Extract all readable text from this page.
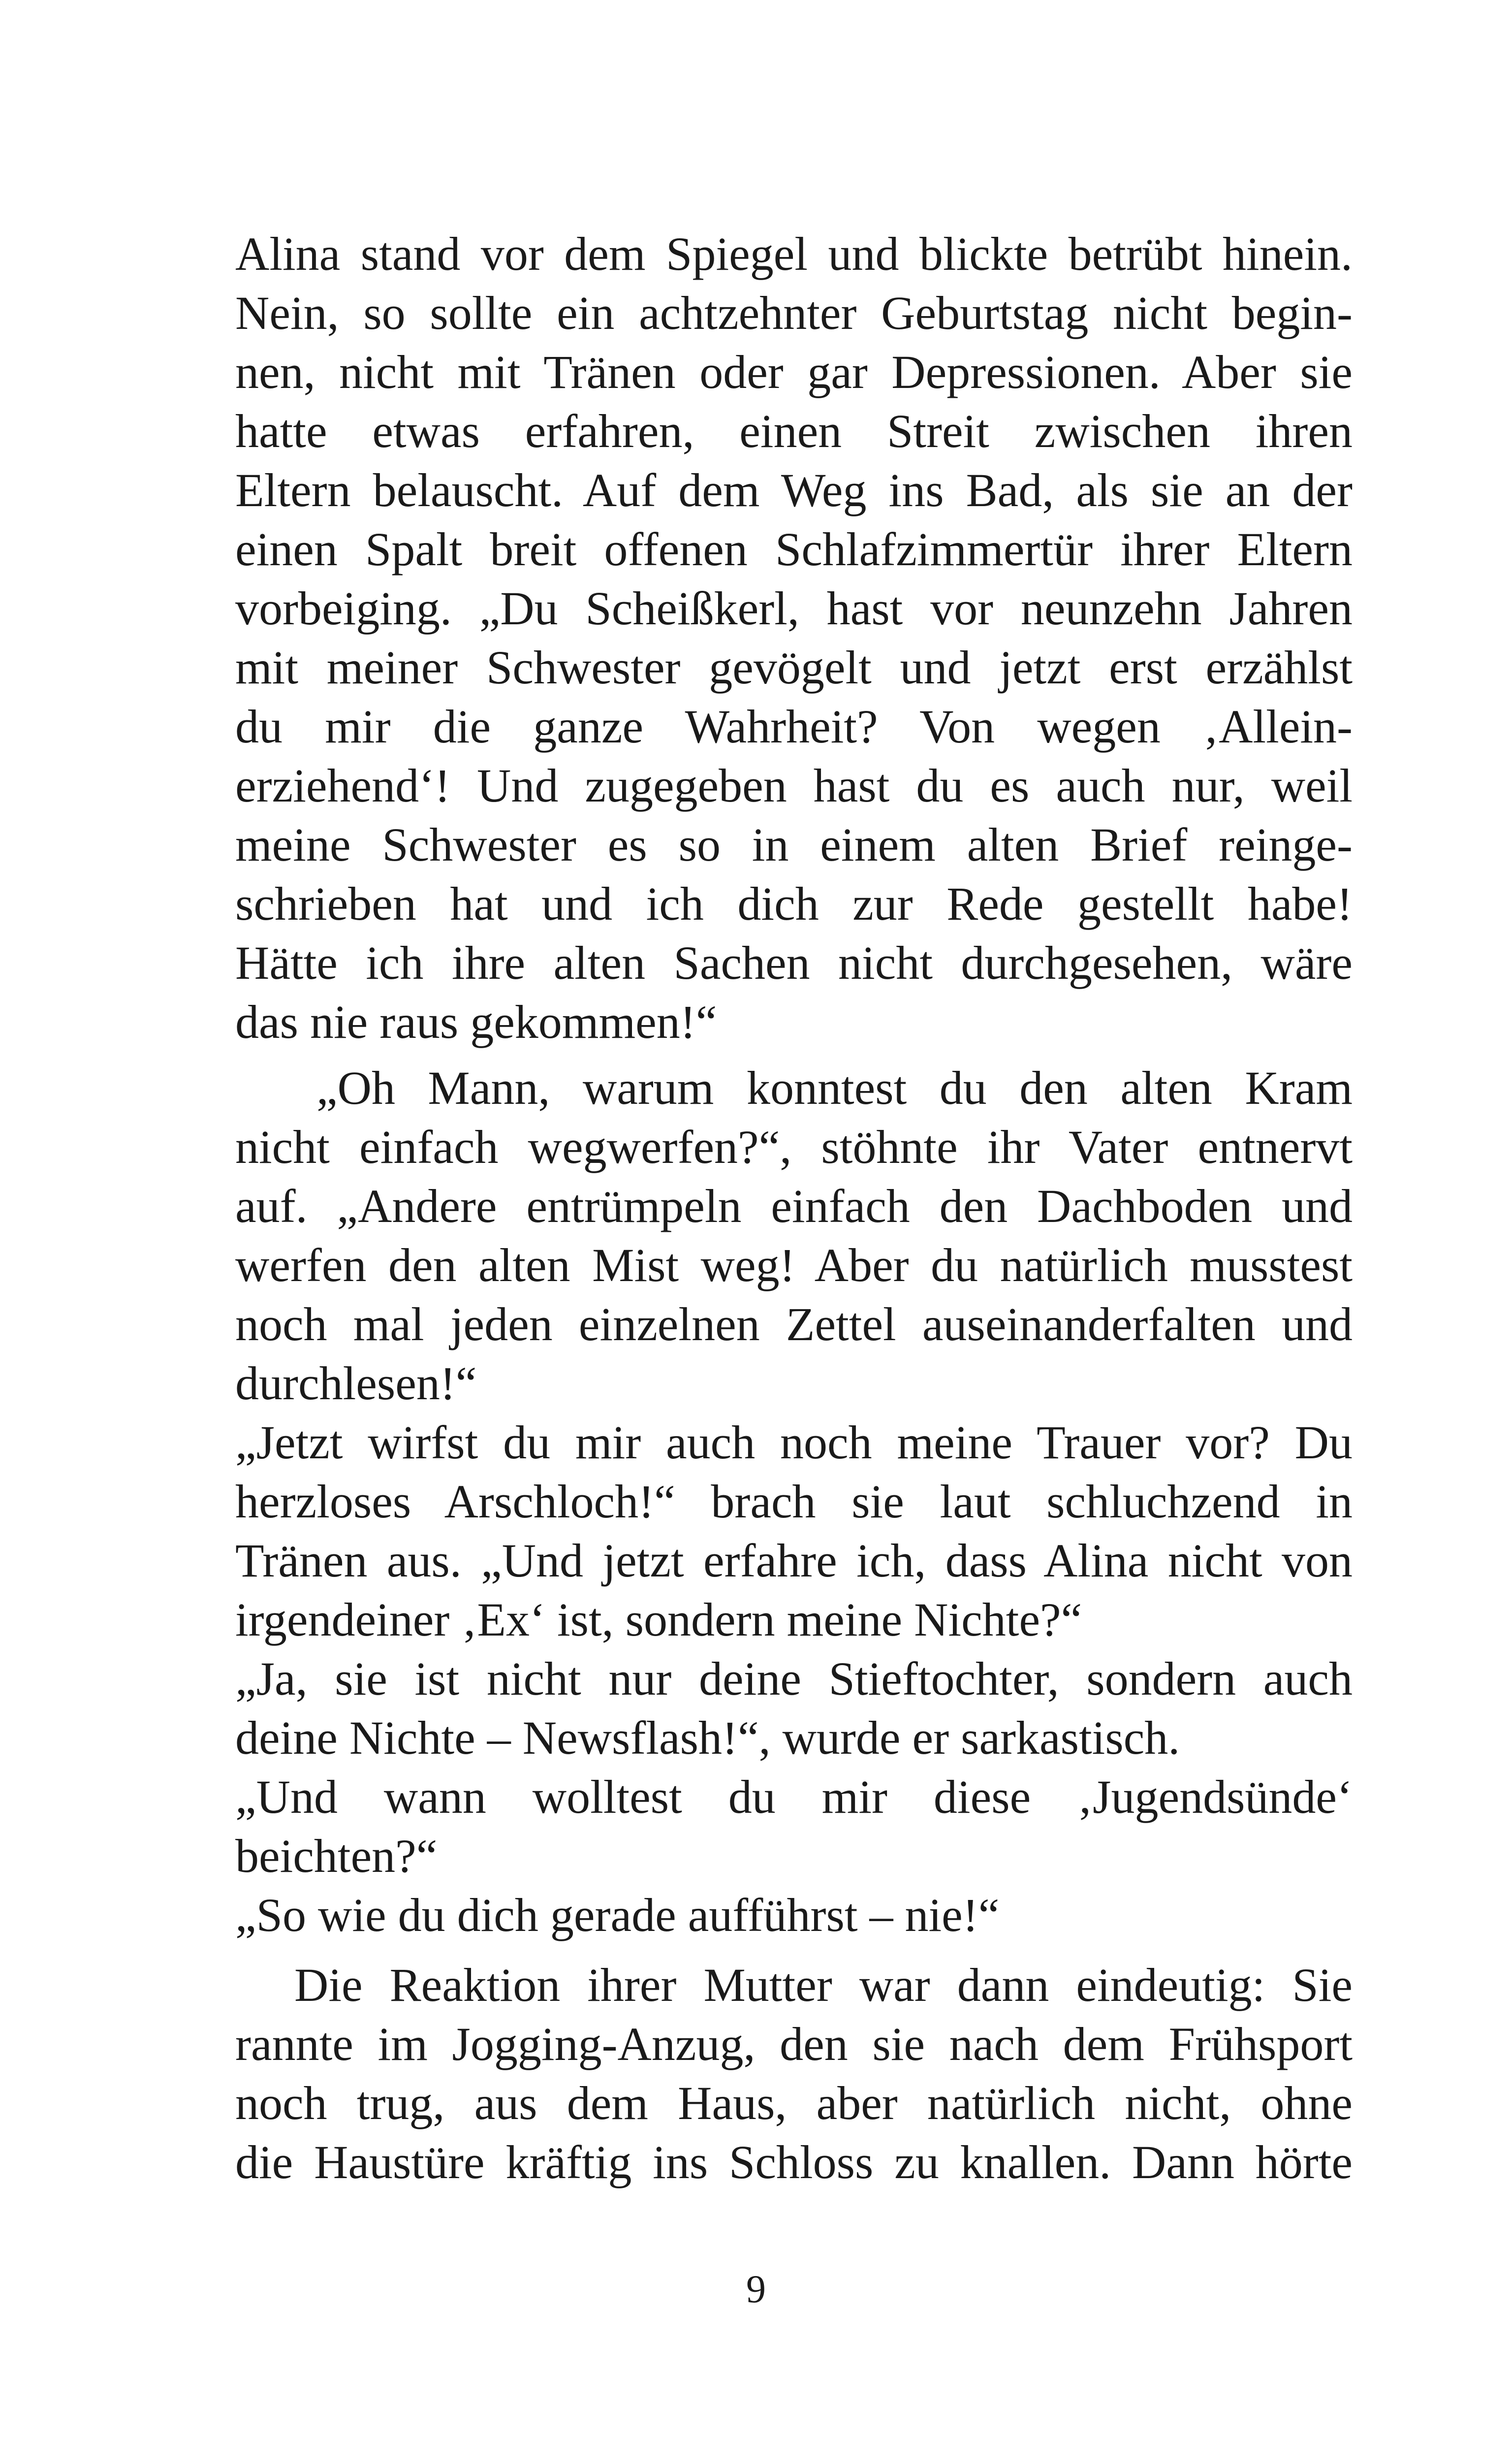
Alina stand vor dem Spiegel und blickte betrübt hinein.
Nein, so sollte ein achtzehnter Geburtstag nicht begin-
nen, nicht mit Tränen oder gar Depressionen. Aber sie
hatte etwas erfahren, einen Streit zwischen ihren
Eltern belauscht. Auf dem Weg ins Bad, als sie an der
einen Spalt breit offenen Schlafzimmertür ihrer Eltern
vorbeiging. „Du Scheißkerl, hast vor neunzehn Jahren
mit meiner Schwester gevögelt und jetzt erst erzählst
du mir die ganze Wahrheit? Von wegen ‚Allein-
erziehend‘! Und zugegeben hast du es auch nur, weil
meine Schwester es so in einem alten Brief reinge-
schrieben hat und ich dich zur Rede gestellt habe!
Hätte ich ihre alten Sachen nicht durchgesehen, wäre
das nie raus gekommen!“
„Oh Mann, warum konntest du den alten Kram
nicht einfach wegwerfen?“, stöhnte ihr Vater entnervt
auf. „Andere entrümpeln einfach den Dachboden und
werfen den alten Mist weg! Aber du natürlich musstest
noch mal jeden einzelnen Zettel auseinanderfalten und
durchlesen!“
„Jetzt wirfst du mir auch noch meine Trauer vor? Du
herzloses Arschloch!“ brach sie laut schluchzend in
Tränen aus. „Und jetzt erfahre ich, dass Alina nicht von
irgendeiner ‚Ex‘ ist, sondern meine Nichte?“
„Ja, sie ist nicht nur deine Stieftochter, sondern auch
deine Nichte – Newsflash!“, wurde er sarkastisch.
„Und wann wolltest du mir diese ‚Jugendsünde‘
beichten?“
„So wie du dich gerade aufführst – nie!“
Die Reaktion ihrer Mutter war dann eindeutig: Sie
rannte im Jogging-Anzug, den sie nach dem Frühsport
noch trug, aus dem Haus, aber natürlich nicht, ohne
die Haustüre kräftig ins Schloss zu knallen. Dann hörte
9
